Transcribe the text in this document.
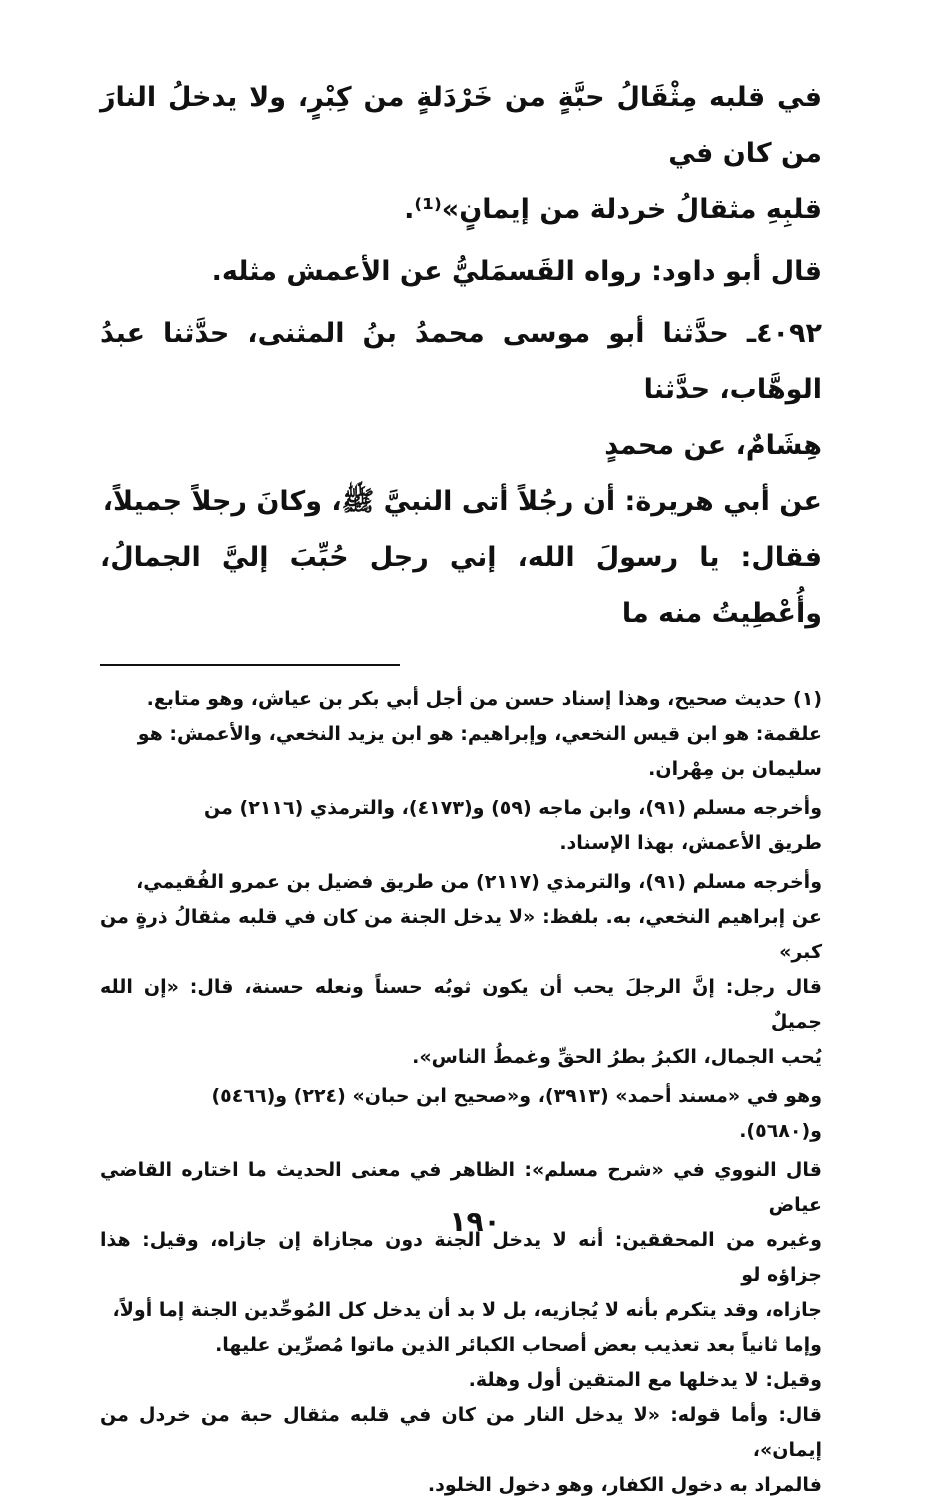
في قلبه مِثْقَالُ حبَّةٍ من خَرْدَلةٍ من كِبْرٍ، ولا يدخلُ النارَ من كان في

قلبِهِ مثقالُ خردلة من إيمانٍ»⁽¹⁾.

قال أبو داود: رواه القَسمَليُّ عن الأعمش مثله.

٤٠٩٢ـ حدَّثنا أبو موسى محمدُ بنُ المثنى، حدَّثنا عبدُ الوهَّاب، حدَّثنا

هِشَامٌ، عن محمدٍ

عن أبي هريرة: أن رجُلاً أتى النبيَّ ﷺ، وكانَ رجلاً جميلاً،

فقال: يا رسولَ الله، إني رجل حُبِّبَ إليَّ الجمالُ، وأُعْطِيتُ منه ما

(١) حديث صحيح، وهذا إسناد حسن من أجل أبي بكر بن عياش، وهو متابع.

علقمة: هو ابن قيس النخعي، وإبراهيم: هو ابن يزيد النخعي، والأعمش: هو

سليمان بن مِهْران.

وأخرجه مسلم (٩١)، وابن ماجه (٥٩) و(٤١٧٣)، والترمذي (٢١١٦) من

طريق الأعمش، بهذا الإسناد.

وأخرجه مسلم (٩١)، والترمذي (٢١١٧) من طريق فضيل بن عمرو الفُقيمي،

عن إبراهيم النخعي، به. بلفظ: «لا يدخل الجنة من كان في قلبه مثقالُ ذرةٍ من كبر»

قال رجل: إنَّ الرجلَ يحب أن يكون ثوبُه حسناً ونعله حسنة، قال: «إن الله جميلٌ

يُحب الجمال، الكبرُ بطرُ الحقِّ وغمطُ الناس».

وهو في «مسند أحمد» (٣٩١٣)، و«صحيح ابن حبان» (٢٢٤) و(٥٤٦٦)

و(٥٦٨٠).

قال النووي في «شرح مسلم»: الظاهر في معنى الحديث ما اختاره القاضي عياض

وغيره من المحققين: أنه لا يدخل الجنة دون مجازاة إن جازاه، وقيل: هذا جزاؤه لو

جازاه، وقد يتكرم بأنه لا يُجازيه، بل لا بد أن يدخل كل المُوحِّدين الجنة إما أولاً،

وإما ثانياً بعد تعذيب بعض أصحاب الكبائر الذين ماتوا مُصرِّين عليها.

وقيل: لا يدخلها مع المتقين أول وهلة.

قال: وأما قوله: «لا يدخل النار من كان في قلبه مثقال حبة من خردل من إيمان»،

فالمراد به دخول الكفار، وهو دخول الخلود.

١٩٠
